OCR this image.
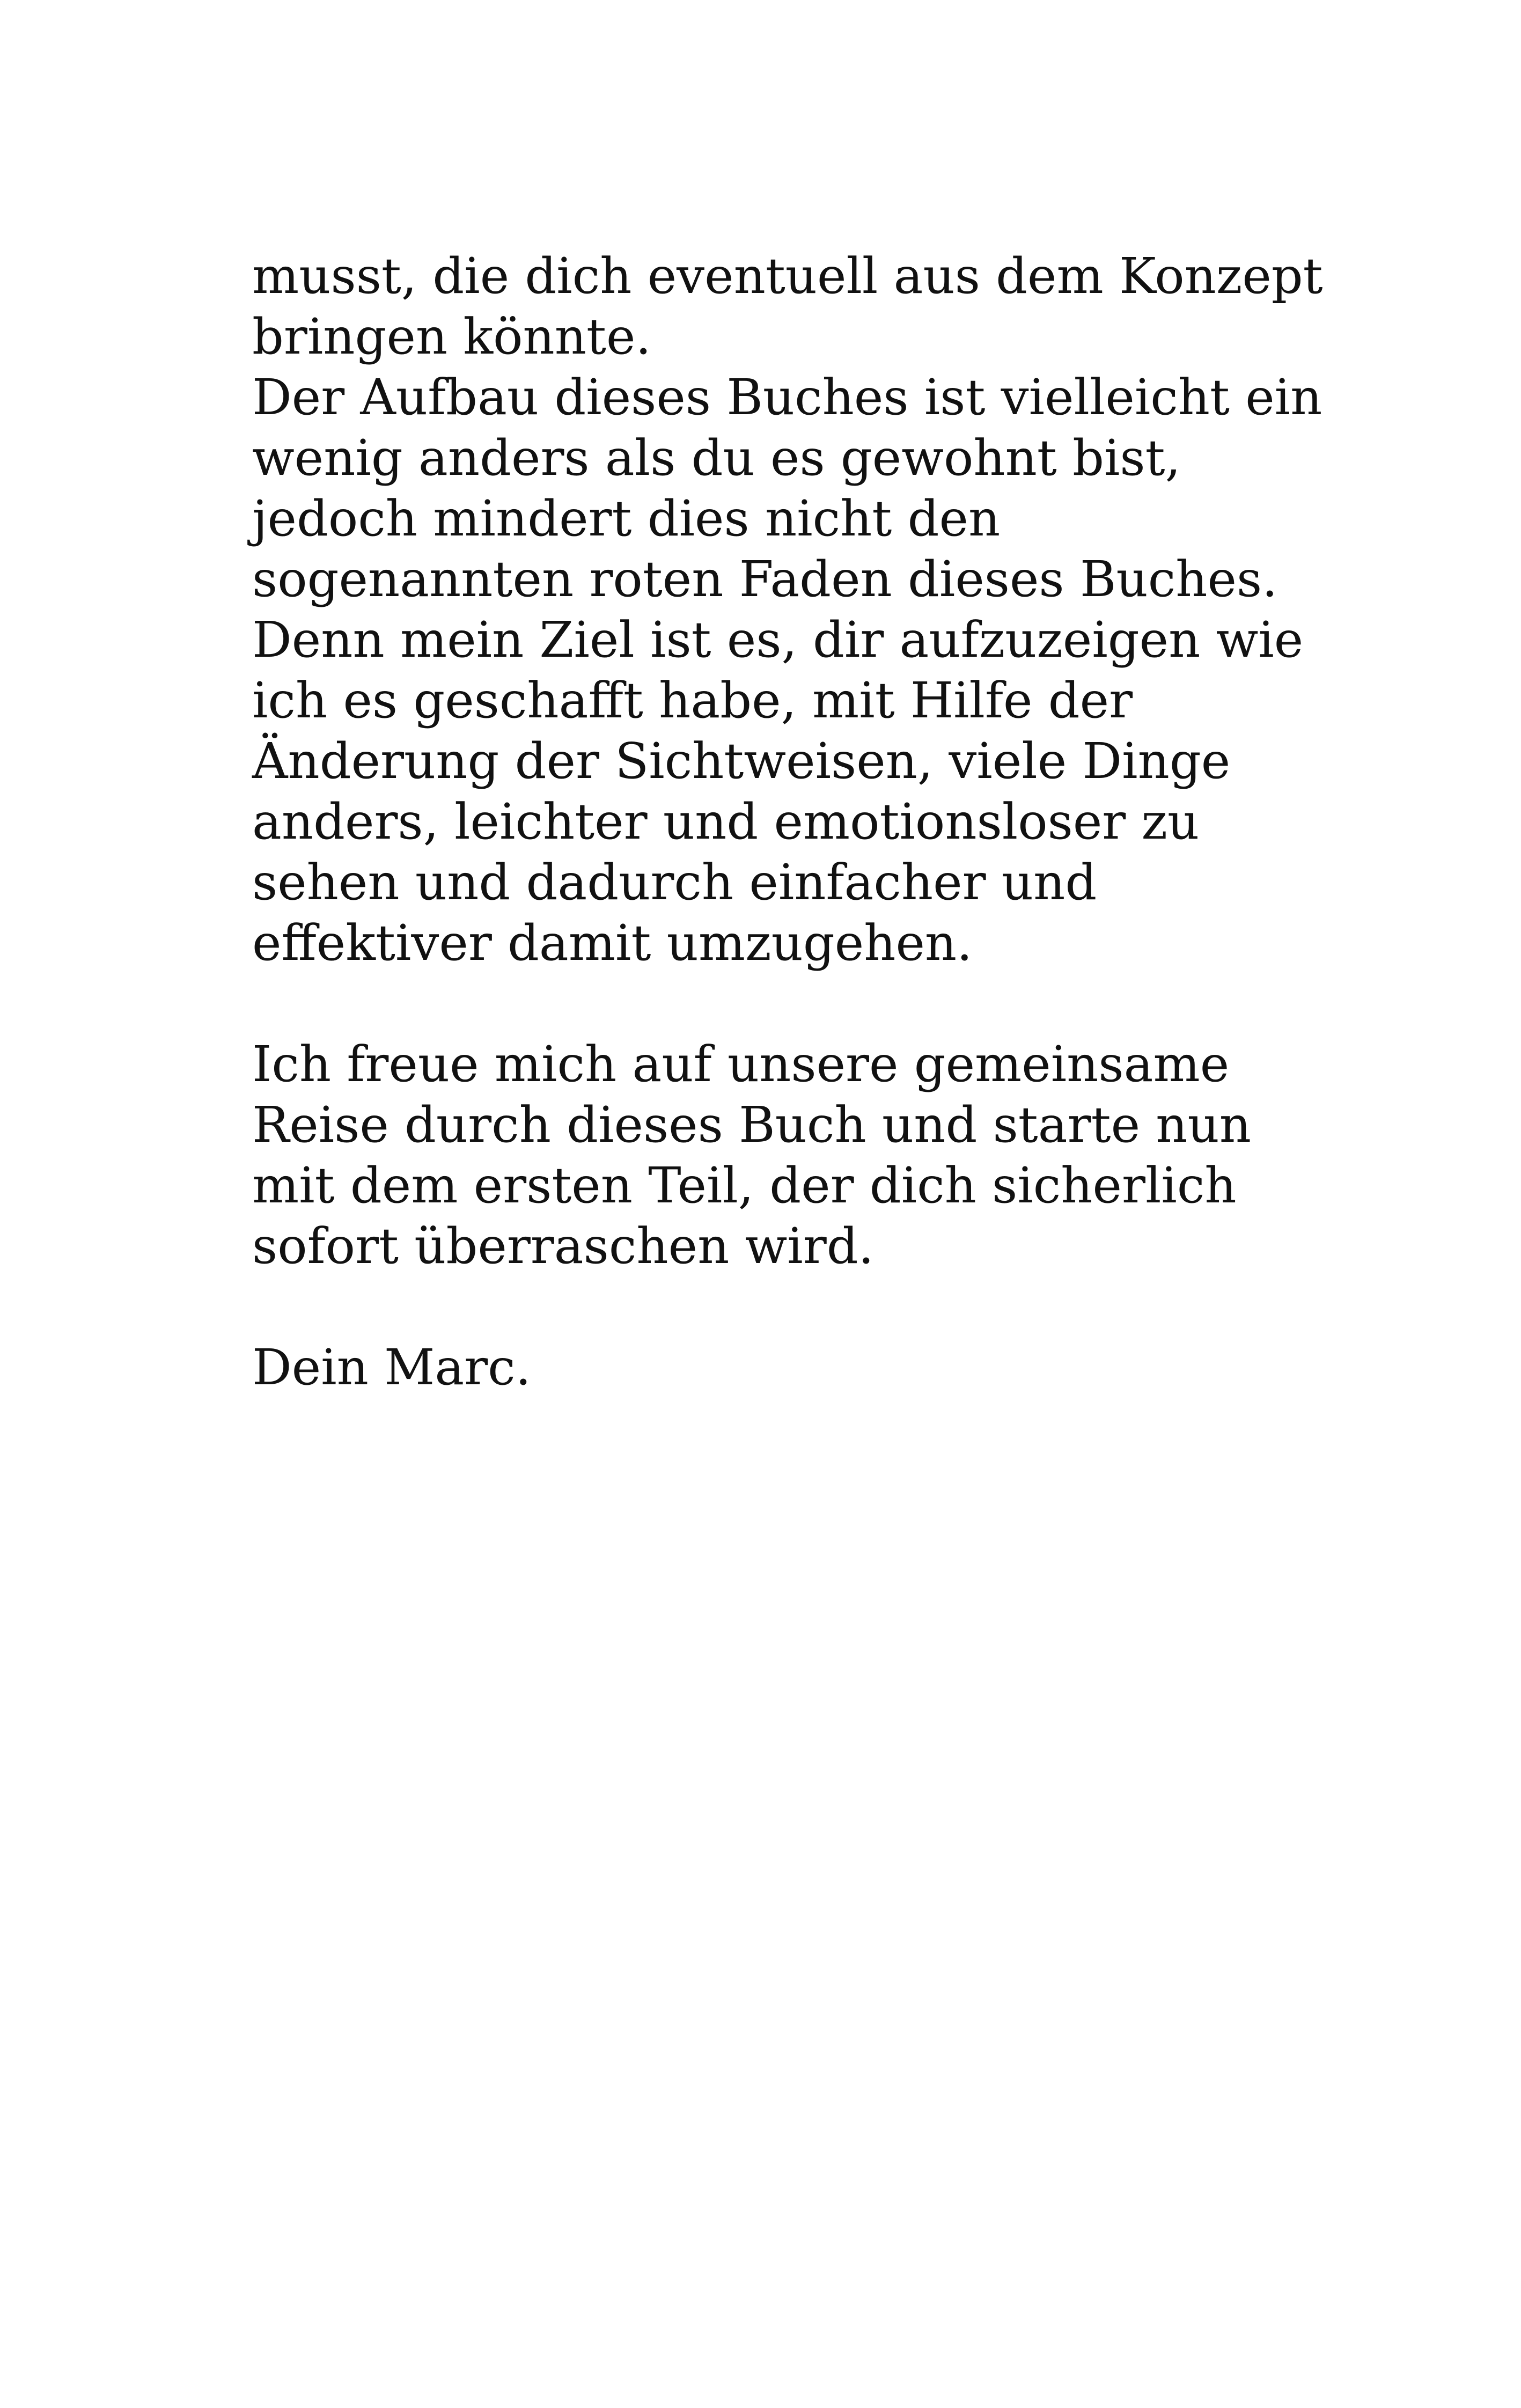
musst, die dich eventuell aus dem Konzept
bringen könnte.
Der Aufbau dieses Buches ist vielleicht ein
wenig anders als du es gewohnt bist,
jedoch mindert dies nicht den
sogenannten roten Faden dieses Buches.
Denn mein Ziel ist es, dir aufzuzeigen wie
ich es geschafft habe, mit Hilfe der
Änderung der Sichtweisen, viele Dinge
anders, leichter und emotionsloser zu
sehen und dadurch einfacher und
effektiver damit umzugehen.
Ich freue mich auf unsere gemeinsame
Reise durch dieses Buch und starte nun
mit dem ersten Teil, der dich sicherlich
sofort überraschen wird.
Dein Marc.
